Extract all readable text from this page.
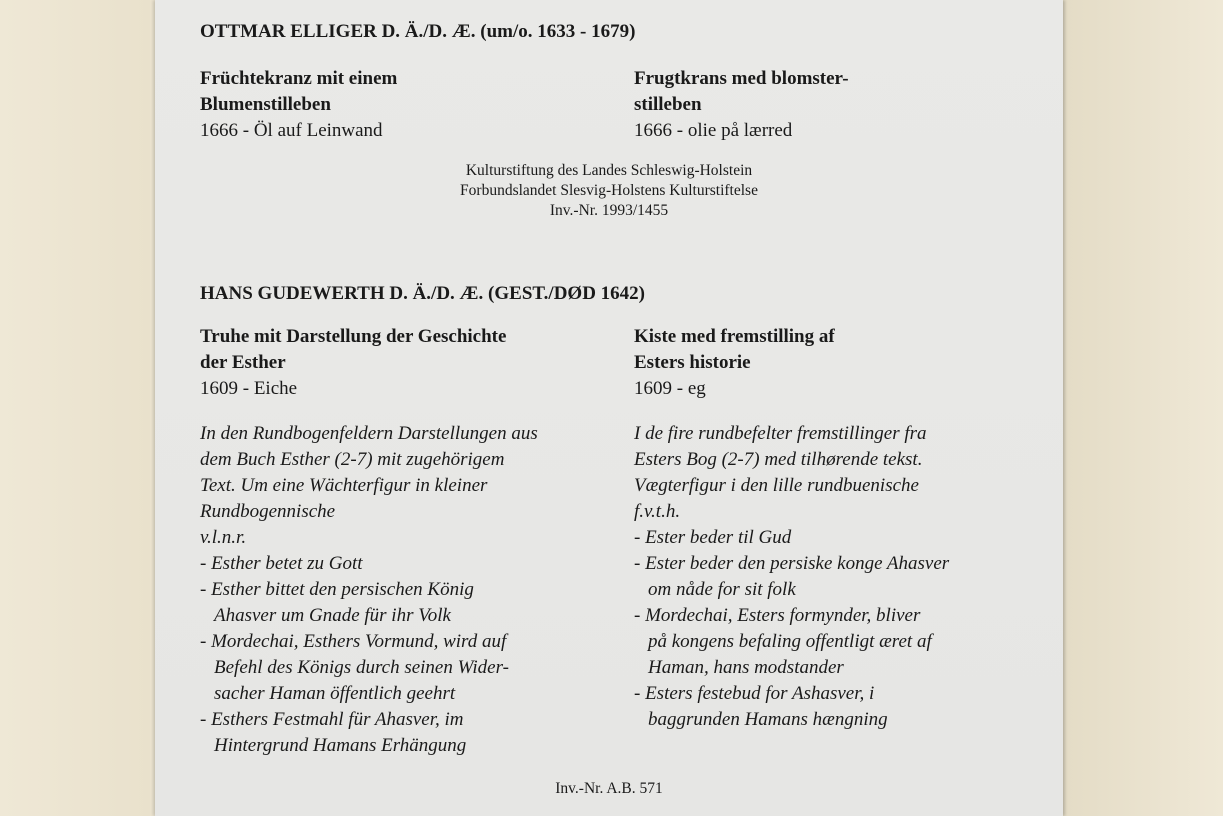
OTTMAR ELLIGER D. Ä./D. Æ. (um/o. 1633 - 1679)
Früchtekranz mit einem
Blumenstilleben
1666 - Öl auf Leinwand
Frugtkrans med blomster-
stilleben
1666 - olie på lærred
Kulturstiftung des Landes Schleswig-Holstein
Forbundslandet Slesvig-Holstens Kulturstiftelse
Inv.-Nr. 1993/1455
HANS GUDEWERTH D. Ä./D. Æ. (GEST./DØD 1642)
Truhe mit Darstellung der Geschichte
der Esther
1609 - Eiche
Kiste med fremstilling af
Esters historie
1609 - eg
In den Rundbogenfeldern Darstellungen aus
dem Buch Esther (2-7) mit zugehörigem
Text. Um eine Wächterfigur in kleiner
Rundbogennische
v.l.n.r.
- Esther betet zu Gott
- Esther bittet den persischen König
Ahasver um Gnade für ihr Volk
- Mordechai, Esthers Vormund, wird auf
Befehl des Königs durch seinen Wider-
sacher Haman öffentlich geehrt
- Esthers Festmahl für Ahasver, im
Hintergrund Hamans Erhängung
I de fire rundbefelter fremstillinger fra
Esters Bog (2-7) med tilhørende tekst.
Vægterfigur i den lille rundbuenische
f.v.t.h.
- Ester beder til Gud
- Ester beder den persiske konge Ahasver
om nåde for sit folk
- Mordechai, Esters formynder, bliver
på kongens befaling offentligt æret af
Haman, hans modstander
- Esters festebud for Ashasver, i
baggrunden Hamans hængning
Inv.-Nr. A.B. 571
